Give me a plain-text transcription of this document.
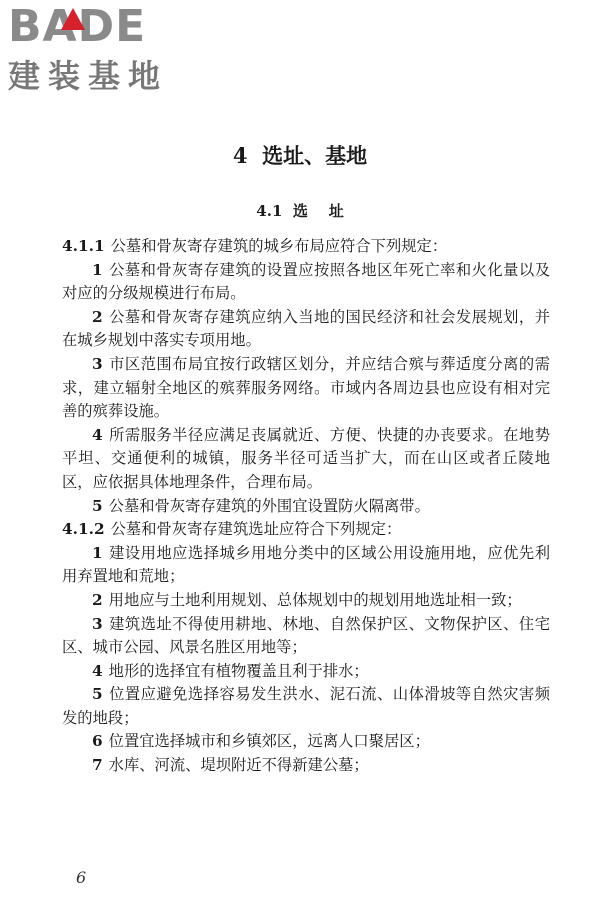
BADE
建装基地
4  选址、基地
4.1  选    址

4.1.1 公墓和骨灰寄存建筑的城乡布局应符合下列规定：

1 公墓和骨灰寄存建筑的设置应按照各地区年死亡率和火化量以及对应的分级规模进行布局。

2 公墓和骨灰寄存建筑应纳入当地的国民经济和社会发展规划，并在城乡规划中落实专项用地。

3 市区范围布局宜按行政辖区划分，并应结合殡与葬适度分离的需求，建立辐射全地区的殡葬服务网络。市域内各周边县也应设有相对完善的殡葬设施。

4 所需服务半径应满足丧属就近、方便、快捷的办丧要求。在地势平坦、交通便利的城镇，服务半径可适当扩大，而在山区或者丘陵地区，应依据具体地理条件，合理布局。

5 公墓和骨灰寄存建筑的外围宜设置防火隔离带。

4.1.2 公墓和骨灰寄存建筑选址应符合下列规定：

1 建设用地应选择城乡用地分类中的区域公用设施用地，应优先利用弃置地和荒地；

2 用地应与土地利用规划、总体规划中的规划用地选址相一致；

3 建筑选址不得使用耕地、林地、自然保护区、文物保护区、住宅区、城市公园、风景名胜区用地等；

4 地形的选择宜有植物覆盖且利于排水；

5 位置应避免选择容易发生洪水、泥石流、山体滑坡等自然灾害频发的地段；

6 位置宜选择城市和乡镇郊区，远离人口聚居区；

7 水库、河流、堤坝附近不得新建公墓；

6
